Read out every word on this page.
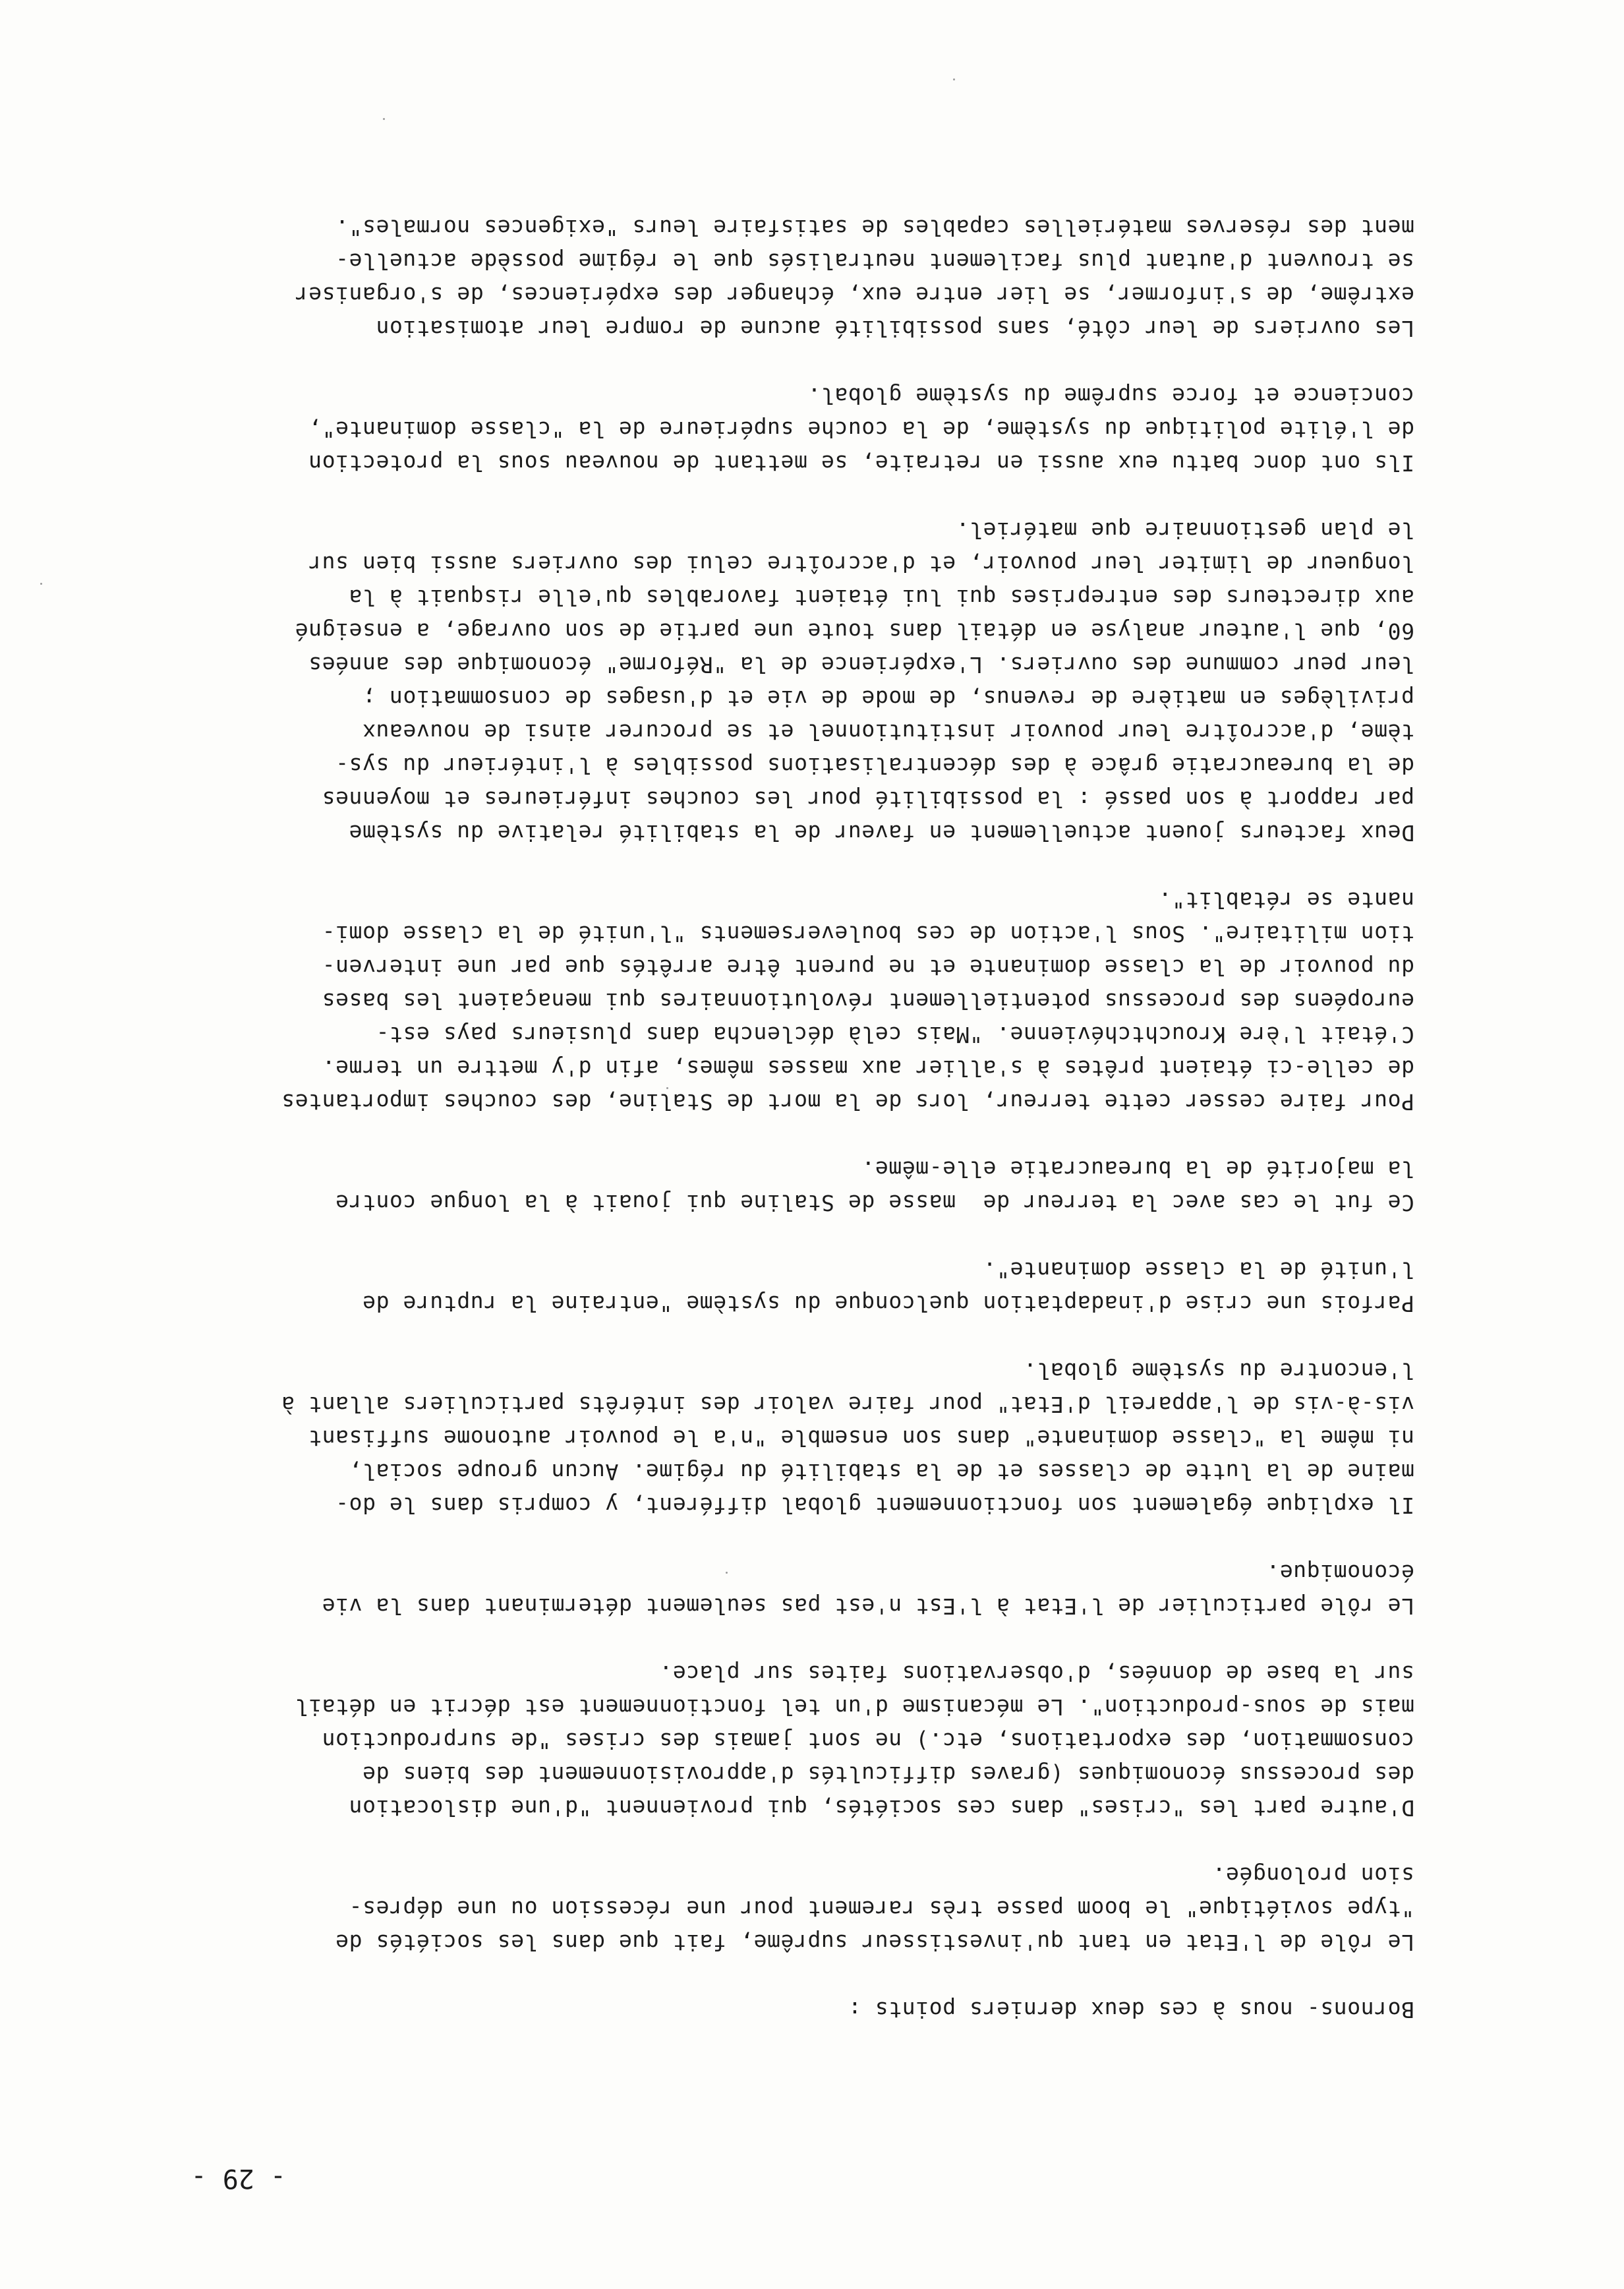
- 29 -
Bornons- nous à ces deux derniers points :
Le rôle de l'Etat en tant qu'investisseur suprême, fait que dans les sociétés de
"type soviétique" le boom passe très rarement pour une récession ou une dépres-
sion prolongée.
D'autre part les "crises" dans ces sociétés, qui proviennent "d'une dislocation
des processus économiques (graves difficultés d'approvisionnement des biens de
consommation, des exportations, etc.) ne sont jamais des crises "de surproduction
mais de sous-production". Le mécanisme d'un tel fonctionnement est décrit en détail
sur la base de données, d'observations faites sur place.
Le rôle particulier de l'Etat à l'Est n'est pas seulement déterminant dans la vie
économique.
Il explique également son fonctionnement global différent, y compris dans le do-
maine de la lutte de classes et de la stabilité du régime. Aucun groupe social,
ni même la "classe dominante" dans son ensemble "n'a le pouvoir autonome suffisant
vis-à-vis de l'appareil d'Etat" pour faire valoir des intérêts particuliers allant à
l'encontre du système global.
Parfois une crise d'inadaptation quelconque du système "entraine la rupture de
l'unité de la classe dominante".
Ce fut le cas avec la terreur de  masse de Staline qui jouait à la longue contre
la majorité de la bureaucratie elle-même.
Pour faire cesser cette terreur, lors de la mort de Staline, des couches importantes
de celle-ci étaient prêtes à s'allier aux masses mêmes, afin d'y mettre un terme.
C'était l'ère Krouchtchévienne. "Mais celà déclencha dans plusieurs pays est-
européens des processus potentiellement révolutionnaires qui menaçaient les bases
du pouvoir de la classe dominante et ne purent être arrêtés que par une interven-
tion militaire". Sous l'action de ces bouleversements "l'unité de la classe domi-
nante se rétablit".
Deux facteurs jouent actuellement en faveur de la stabilité relative du système
par rapport à son passé : la possibilité pour les couches inférieures et moyennes
de la bureaucratie grâce à des décentralisations possibles à l'intérieur du sys-
tème, d'accroître leur pouvoir institutionnel et se procurer ainsi de nouveaux
privilèges en matière de revenus, de mode de vie et d'usages de consommation ;
leur peur commune des ouvriers. L'expérience de la "Réforme" économique des années
60, que l'auteur analyse en détail dans toute une partie de son ouvrage, a enseigné
aux directeurs des entreprises qui lui étaient favorables qu'elle risquait à la
longueur de limiter leur pouvoir, et d'accroître celui des ouvriers aussi bien sur
le plan gestionnaire que matériel.
Ils ont donc battu eux aussi en retraite, se mettant de nouveau sous la protection
de l'élite politique du système, de la couche supérieure de la "classe dominante",
concience et force suprême du système global.
Les ouvriers de leur côté, sans possibilité aucune de rompre leur atomisation
extrême, de s'informer, se lier entre eux, échanger des expériences, de s'organiser
se trouvent d'autant plus facilement neutralisés que le régime possède actuelle-
ment des réserves matérielles capables de satisfaire leurs "exigences normales".
